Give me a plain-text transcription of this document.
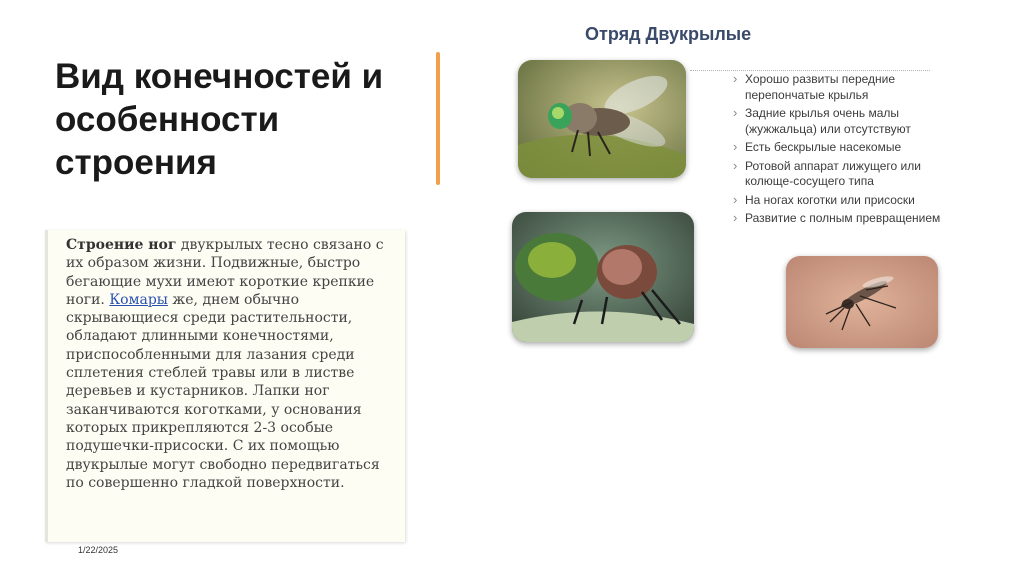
Вид конечностей и особенности строения
Строение ног двукрылых тесно связано с их образом жизни. Подвижные, быстро бегающие мухи имеют короткие крепкие ноги. Комары же, днем обычно скрывающиеся среди растительности, обладают длинными конечностями, приспособленными для лазания среди сплетения стеблей травы или в листве деревьев и кустарников. Лапки ног заканчиваются коготками, у основания которых прикрепляются 2-3 особые подушечки-присоски. С их помощью двукрылые могут свободно передвигаться по совершенно гладкой поверхности.
1/22/2025
Отряд Двукрылые
› Хорошо развиты передние перепончатые крылья
› Задние крылья очень малы (жужжальца) или отсутствуют
› Есть бескрылые насекомые
› Ротовой аппарат лижущего или колюще-сосущего типа
› На ногах коготки или присоски
› Развитие с полным превращением
